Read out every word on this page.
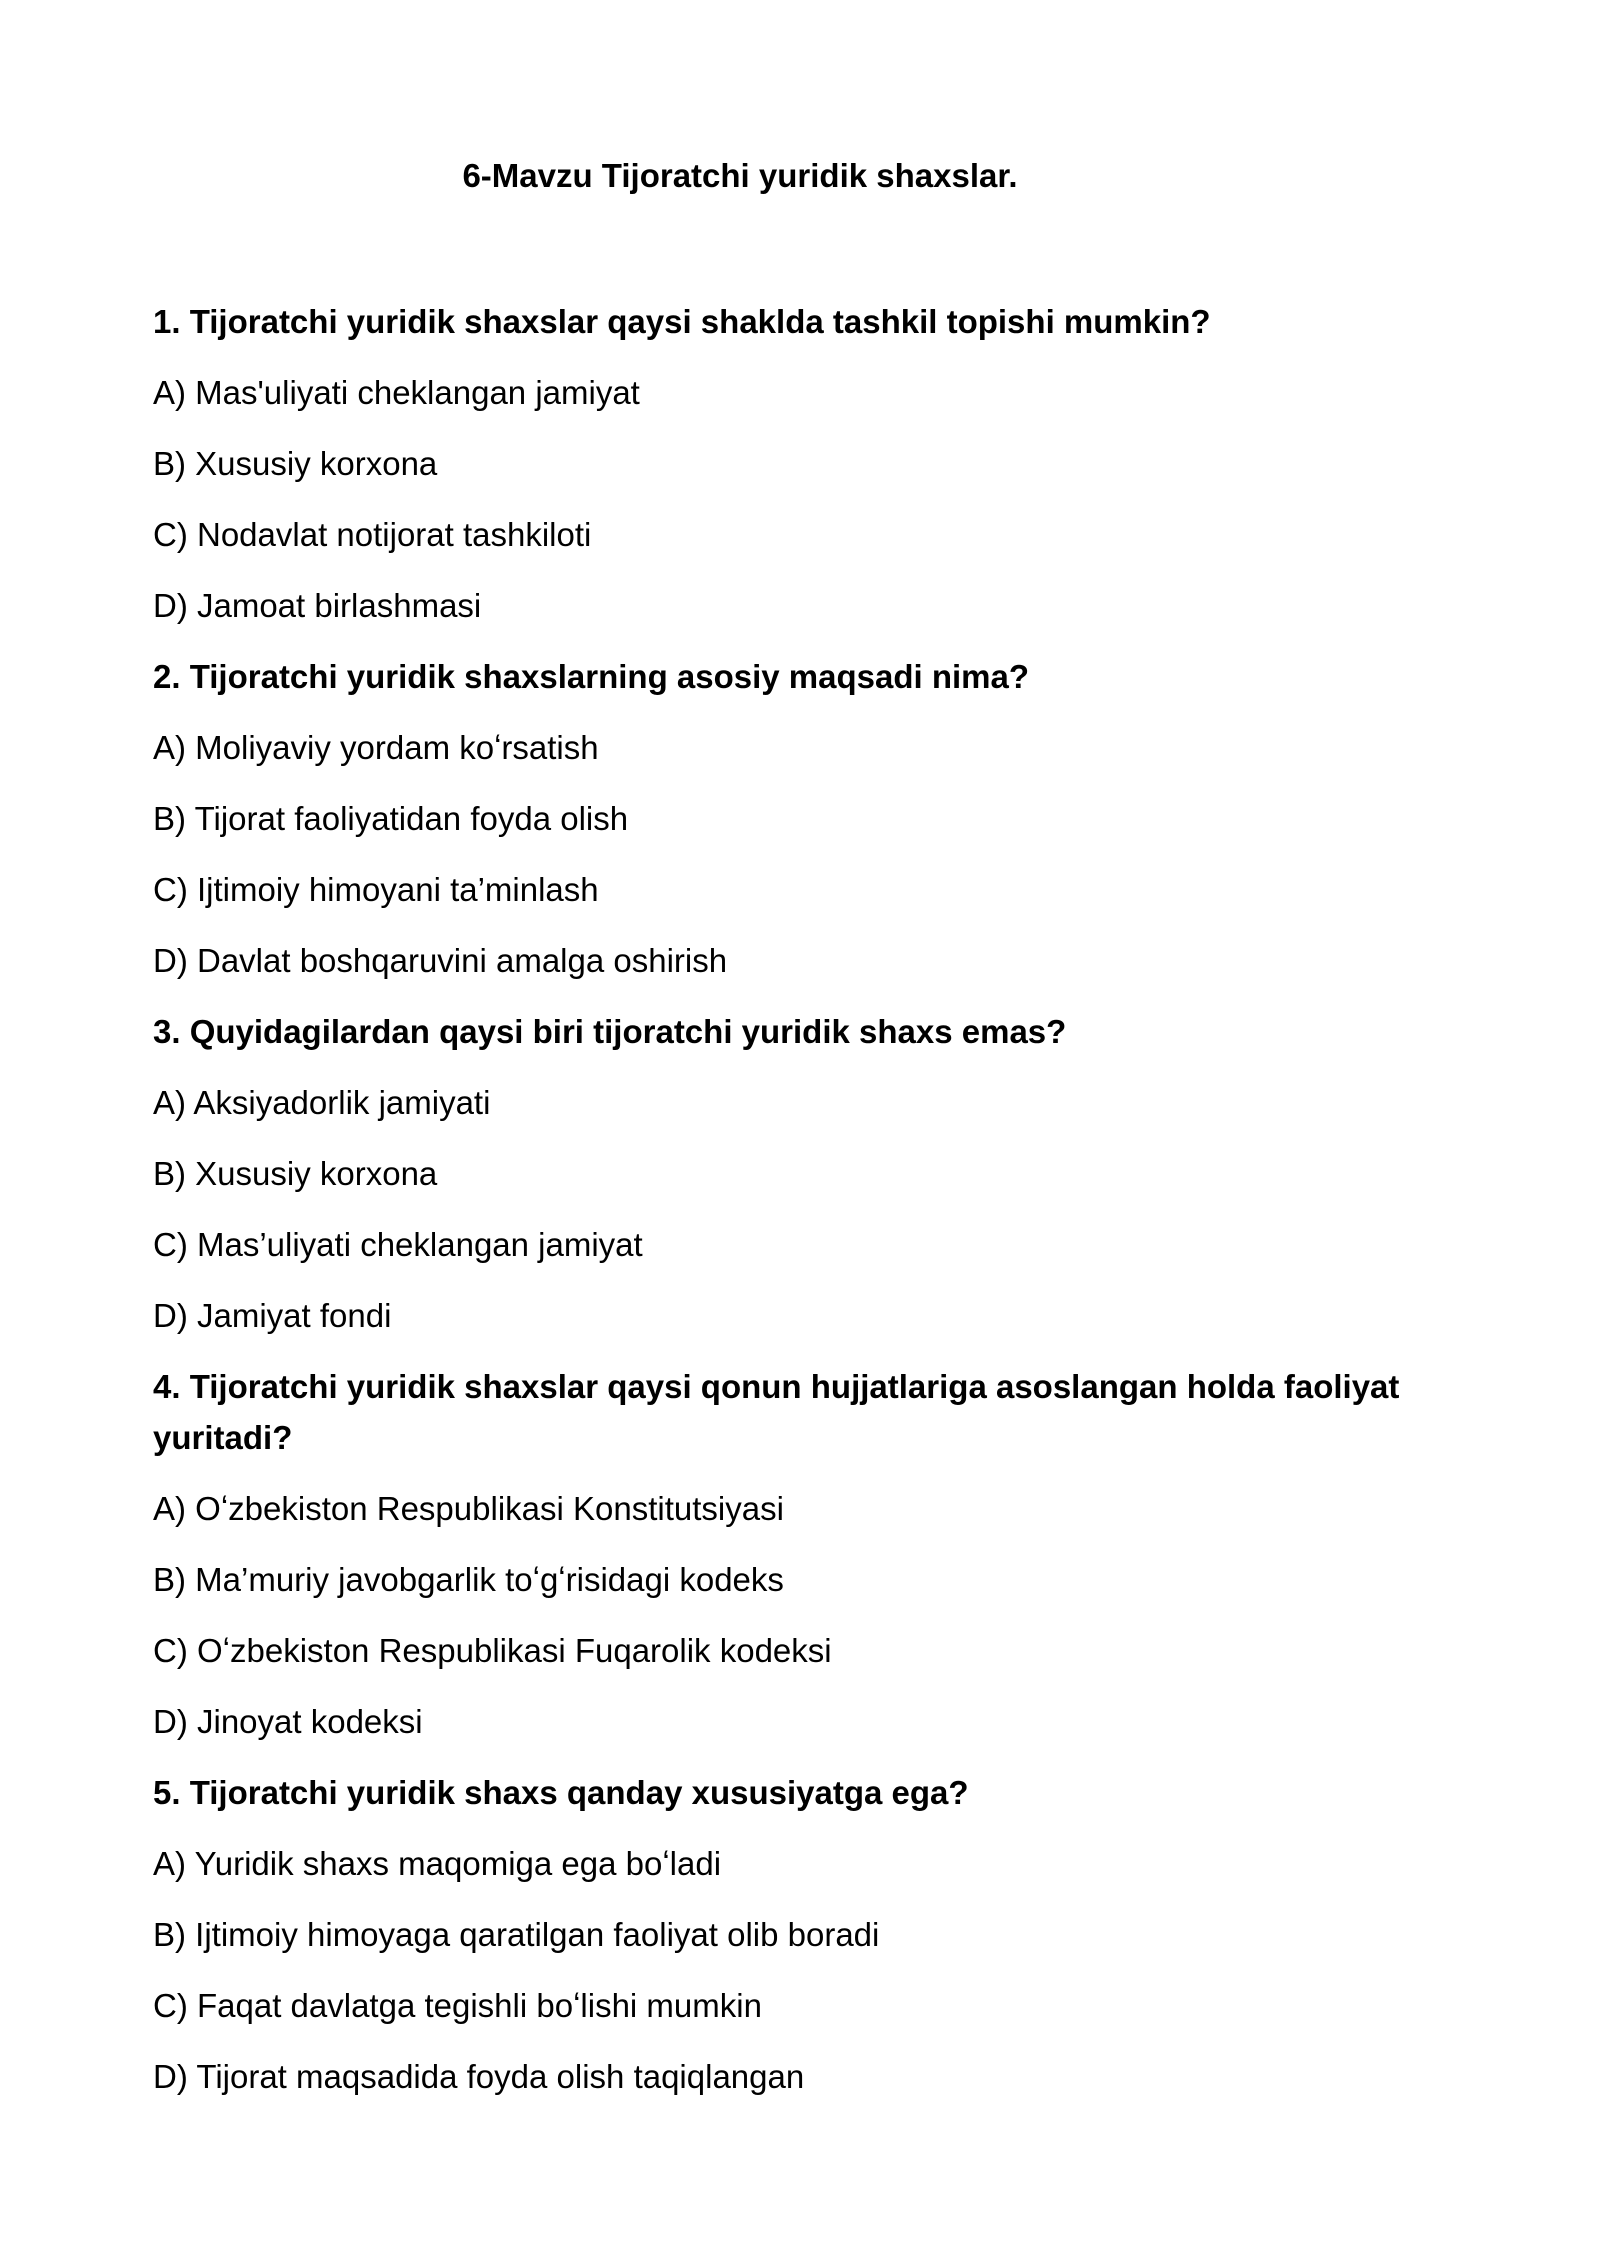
6-Mavzu Tijoratchi yuridik shaxslar.

1. Tijoratchi yuridik shaxslar qaysi shaklda tashkil topishi mumkin?

A) Mas'uliyati cheklangan jamiyat

B) Xususiy korxona

C) Nodavlat notijorat tashkiloti

D) Jamoat birlashmasi

2. Tijoratchi yuridik shaxslarning asosiy maqsadi nima?

A) Moliyaviy yordam koʻrsatish

B) Tijorat faoliyatidan foyda olish

C) Ijtimoiy himoyani ta’minlash

D) Davlat boshqaruvini amalga oshirish

3. Quyidagilardan qaysi biri tijoratchi yuridik shaxs emas?

A) Aksiyadorlik jamiyati

B) Xususiy korxona

C) Mas’uliyati cheklangan jamiyat

D) Jamiyat fondi

4. Tijoratchi yuridik shaxslar qaysi qonun hujjatlariga asoslangan holda faoliyat yuritadi?

A) Oʻzbekiston Respublikasi Konstitutsiyasi

B) Ma’muriy javobgarlik toʻgʻrisidagi kodeks

C) Oʻzbekiston Respublikasi Fuqarolik kodeksi

D) Jinoyat kodeksi

5. Tijoratchi yuridik shaxs qanday xususiyatga ega?

A) Yuridik shaxs maqomiga ega boʻladi

B) Ijtimoiy himoyaga qaratilgan faoliyat olib boradi

C) Faqat davlatga tegishli boʻlishi mumkin

D) Tijorat maqsadida foyda olish taqiqlangan
